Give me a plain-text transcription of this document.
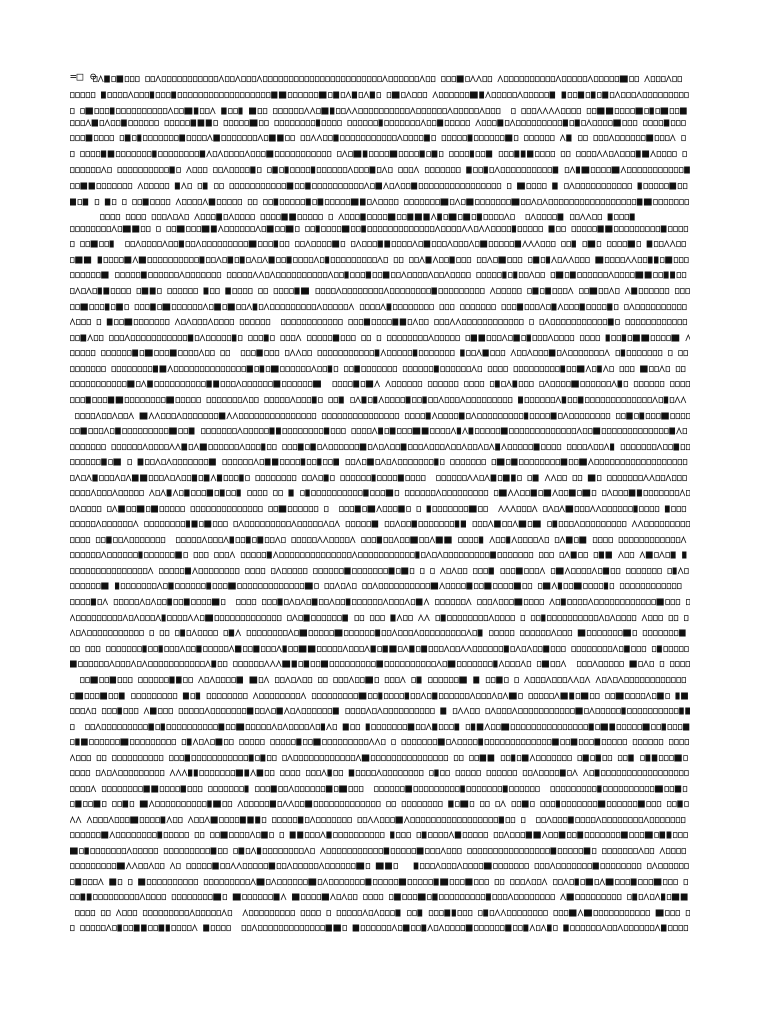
=□ ⊖
